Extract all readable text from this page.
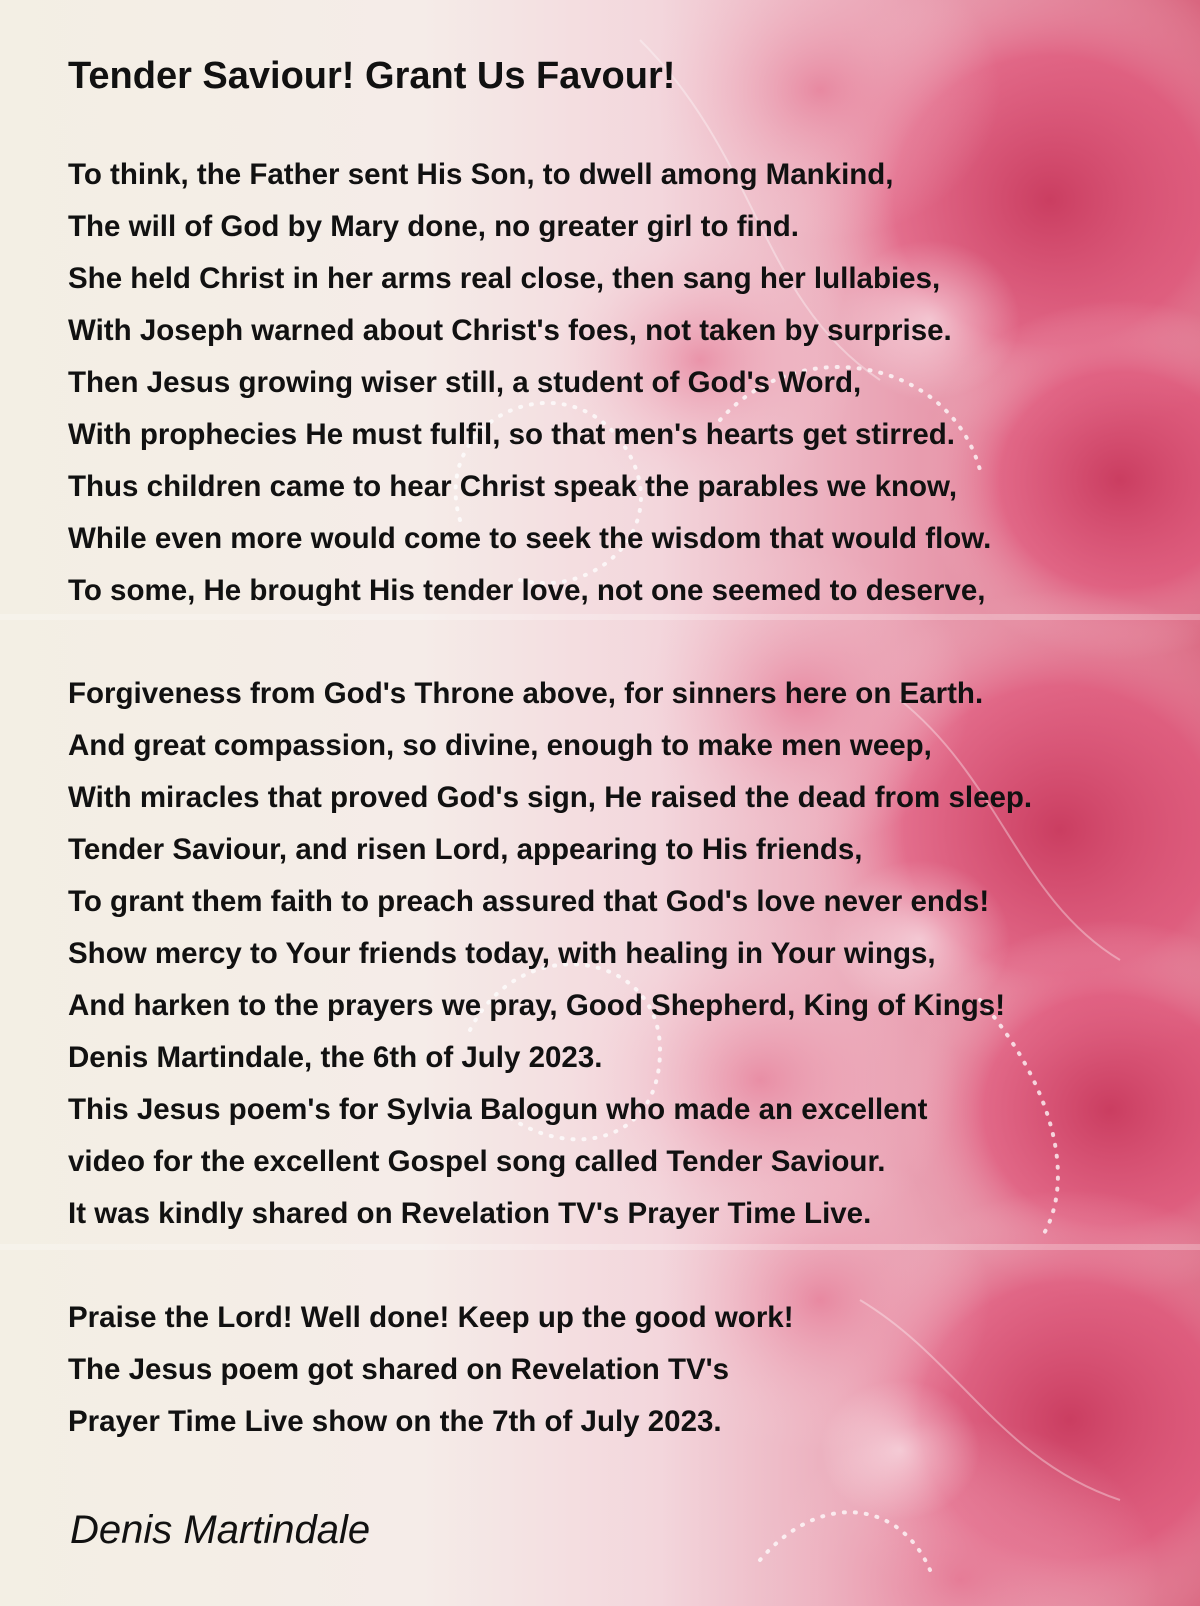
Tender Saviour! Grant Us Favour!
To think, the Father sent His Son, to dwell among Mankind,
The will of God by Mary done, no greater girl to find.
She held Christ in her arms real close, then sang her lullabies,
With Joseph warned about Christ's foes, not taken by surprise.
Then Jesus growing wiser still, a student of God's Word,
With prophecies He must fulfil, so that men's hearts get stirred.
Thus children came to hear Christ speak the parables we know,
While even more would come to seek the wisdom that would flow.
To some, He brought His tender love, not one seemed to deserve,
Forgiveness from God's Throne above, for sinners here on Earth.
And great compassion, so divine, enough to make men weep,
With miracles that proved God's sign, He raised the dead from sleep.
Tender Saviour, and risen Lord, appearing to His friends,
To grant them faith to preach assured that God's love never ends!
Show mercy to Your friends today, with healing in Your wings,
And harken to the prayers we pray, Good Shepherd, King of Kings!
Denis Martindale, the 6th of July 2023.
This Jesus poem's for Sylvia Balogun who made an excellent
video for the excellent Gospel song called Tender Saviour.
It was kindly shared on Revelation TV's Prayer Time Live.
Praise the Lord! Well done! Keep up the good work!
The Jesus poem got shared on Revelation TV's
Prayer Time Live show on the 7th of July 2023.
Denis Martindale
